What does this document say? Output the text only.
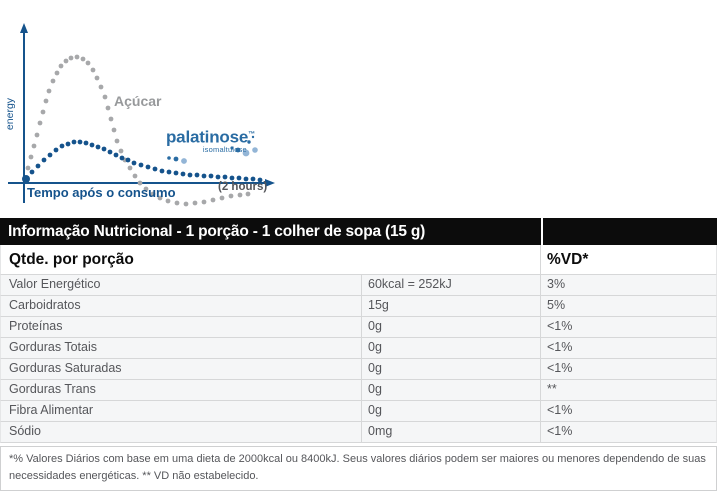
energy	Açúcar
Tempo após o consumo	(2 hours)
palatinose™
isomaltulose
Informação Nutricional - 1 porção - 1 colher de sopa (15 g)
Qtde. por porção	%VD*
Valor Energético	60kcal = 252kJ	3%
Carboidratos	15g	5%
Proteínas	0g	<1%
Gorduras Totais	0g	<1%
Gorduras Saturadas	0g	<1%
Gorduras Trans	0g	**
Fibra Alimentar	0g	<1%
Sódio	0mg	<1%
*% Valores Diários com base em uma dieta de 2000kcal ou 8400kJ. Seus valores diários podem ser maiores ou menores dependendo de suas necessidades energéticas. ** VD não estabelecido.
